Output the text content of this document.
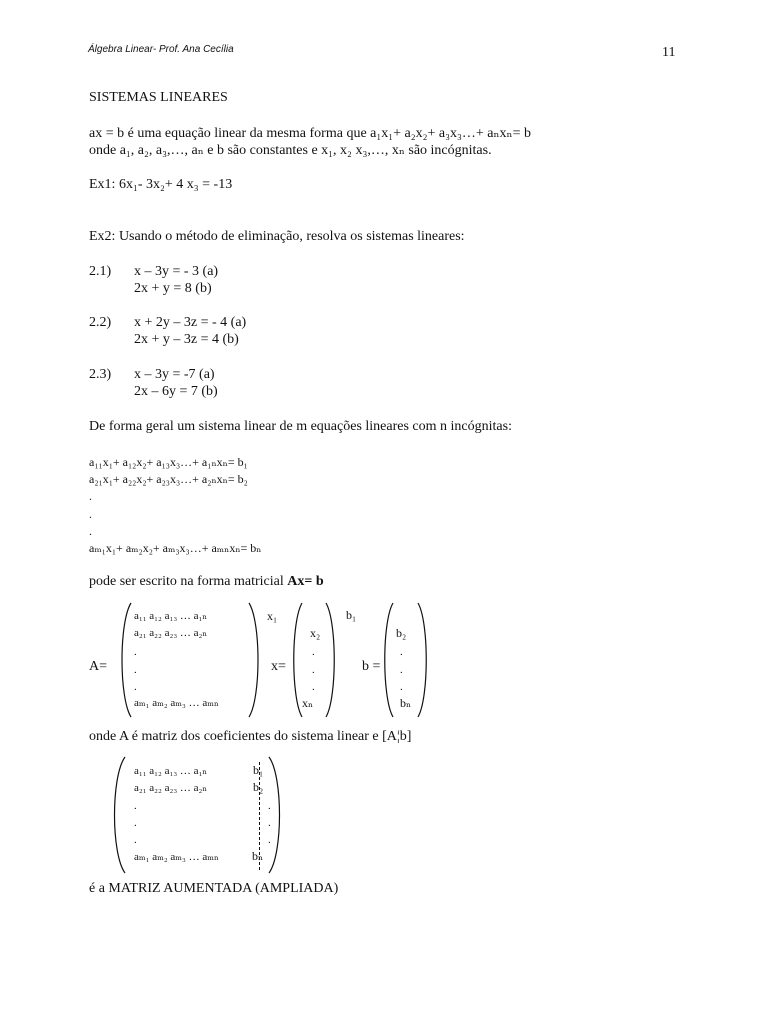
Álgebra Linear- Prof. Ana Cecília	11
SISTEMAS LINEARES
ax = b é uma equação linear da mesma forma que a₁x₁+ a₂x₂+ a₃x₃…+ aₙxₙ= b
onde a₁, a₂, a₃,…, aₙ e b são constantes e x₁, x₂ x₃,…, xₙ são incógnitas.
Ex1: 6x₁- 3x₂+ 4 x₃ = -13
Ex2: Usando o método de eliminação, resolva os sistemas lineares:
2.1) x – 3y = - 3 (a)
2x + y = 8 (b)
2.2) x + 2y – 3z = - 4 (a)
2x + y – 3z = 4 (b)
2.3) x – 3y = -7 (a)
2x – 6y = 7 (b)
De forma geral um sistema linear de m equações lineares com n incógnitas:
a₁₁x₁+ a₁₂x₂+ a₁₃x₃…+ a₁ₙxₙ= b₁
a₂₁x₁+ a₂₂x₂+ a₂₃x₃…+ a₂ₙxₙ= b₂
.
.
.
aₘ₁x₁+ aₘ₂x₂+ aₘ₃x₃…+ aₘₙxₙ= bₙ
pode ser escrito na forma matricial Ax= b
A=
a₁₁ a₁₂ a₁₃ … a₁ₙ
a₂₁ a₂₂ a₂₃ … a₂ₙ
.
.
.
aₘ₁ aₘ₂ aₘ₃ … aₘₙ
x₁
x=
x₂
.
.
.
xₙ
b₁
b =
b₂
.
.
.
bₙ
onde A é matriz dos coeficientes do sistema linear e [A¦b]
a₁₁ a₁₂ a₁₃ … a₁ₙ
a₂₁ a₂₂ a₂₃ … a₂ₙ
.
.
.
aₘ₁ aₘ₂ aₘ₃ … aₘₙ
b₁
b₂
.
.
.
bₙ
é a MATRIZ AUMENTADA (AMPLIADA)
